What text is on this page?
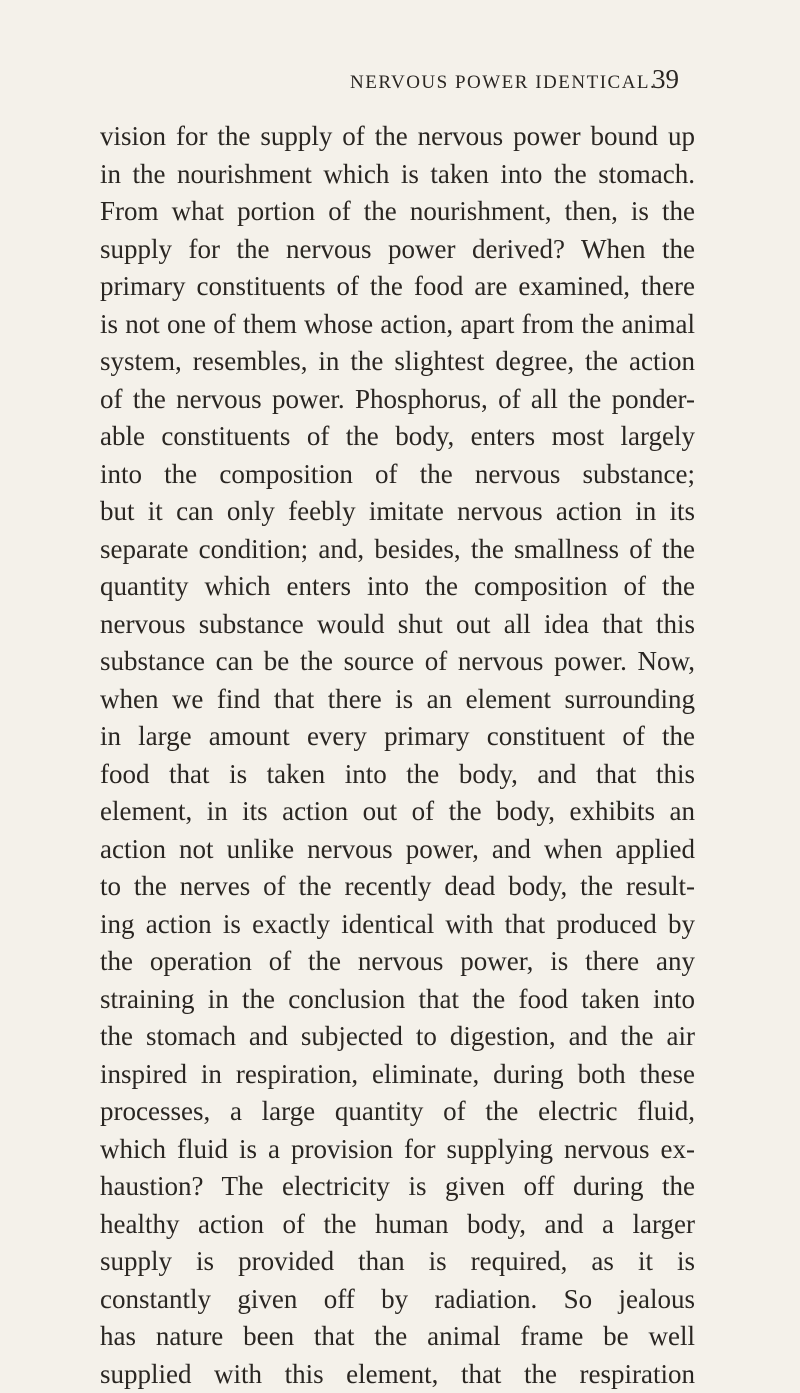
NERVOUS POWER IDENTICAL.
39
vision for the supply of the nervous power bound up
in the nourishment which is taken into the stomach.
From what portion of the nourishment, then, is the
supply for the nervous power derived? When the
primary constituents of the food are examined, there
is not one of them whose action, apart from the animal
system, resembles, in the slightest degree, the action
of the nervous power. Phosphorus, of all the ponder-
able constituents of the body, enters most largely
into the composition of the nervous substance;
but it can only feebly imitate nervous action in its
separate condition; and, besides, the smallness of the
quantity which enters into the composition of the
nervous substance would shut out all idea that this
substance can be the source of nervous power. Now,
when we find that there is an element surrounding
in large amount every primary constituent of the
food that is taken into the body, and that this
element, in its action out of the body, exhibits an
action not unlike nervous power, and when applied
to the nerves of the recently dead body, the result-
ing action is exactly identical with that produced by
the operation of the nervous power, is there any
straining in the conclusion that the food taken into
the stomach and subjected to digestion, and the air
inspired in respiration, eliminate, during both these
processes, a large quantity of the electric fluid,
which fluid is a provision for supplying nervous ex-
haustion? The electricity is given off during the
healthy action of the human body, and a larger
supply is provided than is required, as it is
constantly given off by radiation. So jealous
has nature been that the animal frame be well
supplied with this element, that the respiration
